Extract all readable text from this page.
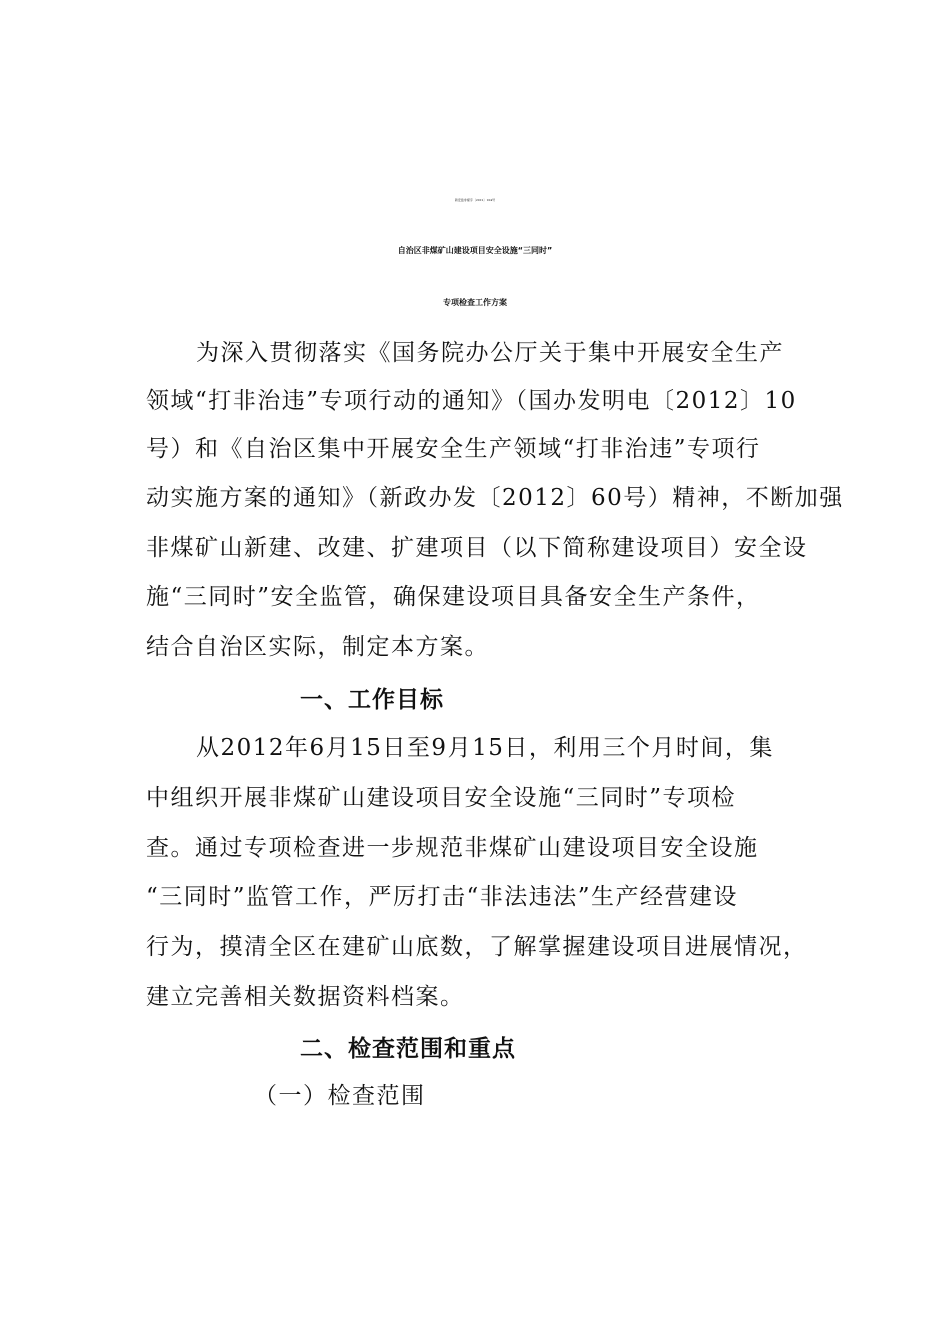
新安监非煤字〔2012〕104号
自治区非煤矿山建设项目安全设施“三同时”
专项检查工作方案
为深入贯彻落实《国务院办公厅关于集中开展安全生产
领域“打非治违”专项行动的通知》（国办发明电〔2012〕10
号）和《自治区集中开展安全生产领域“打非治违”专项行
动实施方案的通知》（新政办发〔2012〕60号）精神，不断加强
非煤矿山新建、改建、扩建项目（以下简称建设项目）安全设
施“三同时”安全监管，确保建设项目具备安全生产条件，
结合自治区实际，制定本方案。
一、工作目标
从2012年6月15日至9月15日，利用三个月时间，集
中组织开展非煤矿山建设项目安全设施“三同时”专项检
查。通过专项检查进一步规范非煤矿山建设项目安全设施
“三同时”监管工作，严厉打击“非法违法”生产经营建设
行为，摸清全区在建矿山底数，了解掌握建设项目进展情况，
建立完善相关数据资料档案。
二、检查范围和重点
（一）检查范围
